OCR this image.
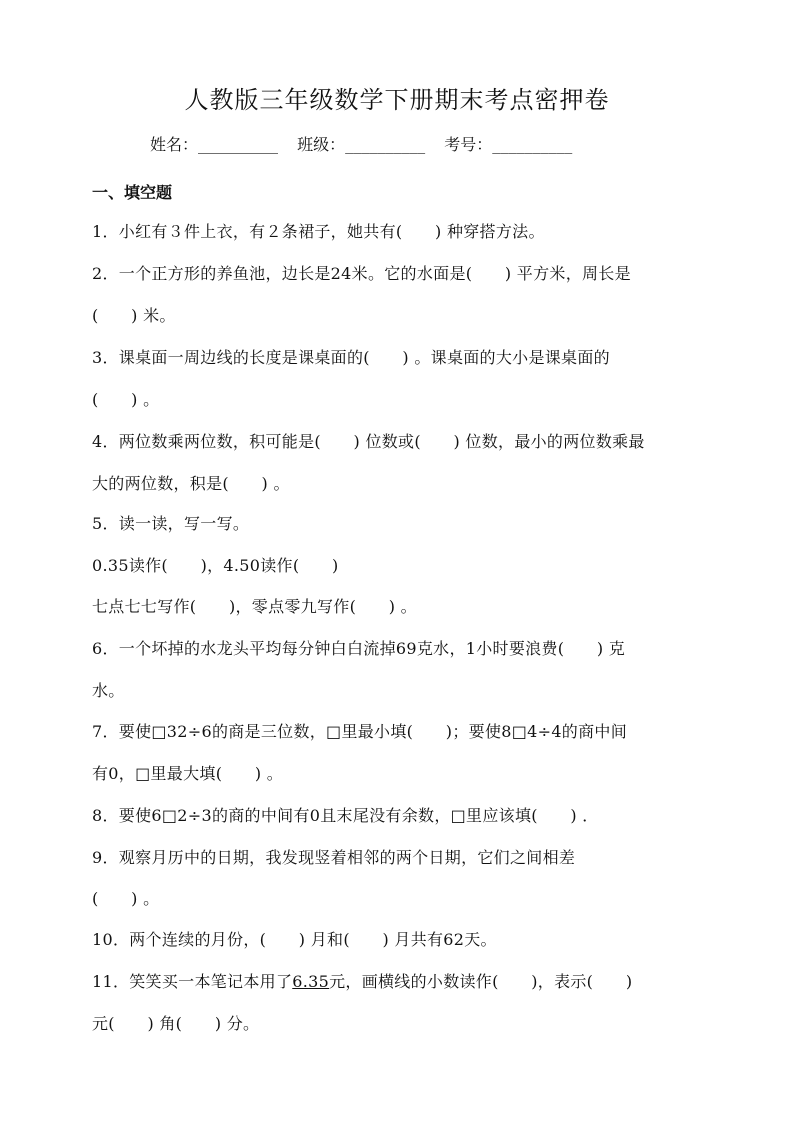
人教版三年级数学下册期末考点密押卷
姓名：__________ 班级：__________ 考号：__________
一、填空题
1．小红有３件上衣，有２条裙子，她共有(　　) 种穿搭方法。
2．一个正方形的养鱼池，边长是24米。它的水面是(　　) 平方米，周长是
(　　) 米。
3．课桌面一周边线的长度是课桌面的(　　) 。课桌面的大小是课桌面的
(　　) 。
4．两位数乘两位数，积可能是(　　) 位数或(　　) 位数，最小的两位数乘最
大的两位数，积是(　　) 。
5．读一读，写一写。
0.35读作(　　)，4.50读作(　　)
七点七七写作(　　)，零点零九写作(　　) 。
6．一个坏掉的水龙头平均每分钟白白流掉69克水，1小时要浪费(　　) 克
水。
7．要使□32÷6的商是三位数，□里最小填(　　)；要使8□4÷4的商中间
有0，□里最大填(　　) 。
8．要使6□2÷3的商的中间有0且末尾没有余数，□里应该填(　　) ．
9．观察月历中的日期，我发现竖着相邻的两个日期，它们之间相差
(　　) 。
10．两个连续的月份，(　　) 月和(　　) 月共有62天。
11．笑笑买一本笔记本用了6.35元，画横线的小数读作(　　)，表示(　　)
元(　　) 角(　　) 分。
